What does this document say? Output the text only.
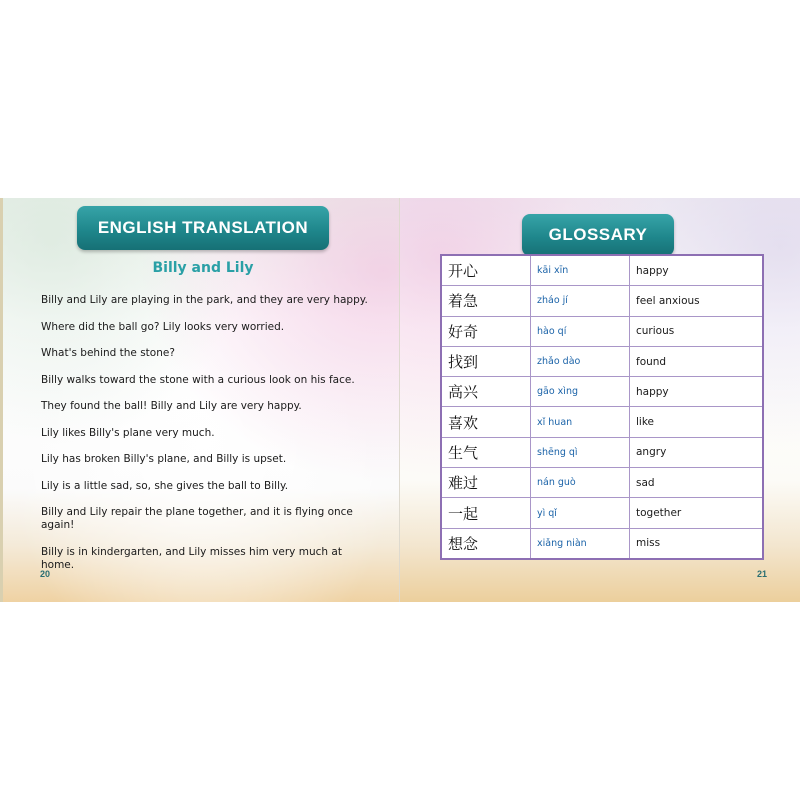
ENGLISH TRANSLATION
Billy and Lily

Billy and Lily are playing in the park, and they are very happy.

Where did the ball go? Lily looks very worried.

What's behind the stone?

Billy walks toward the stone with a curious look on his face.

They found the ball! Billy and Lily are very happy.

Lily likes Billy's plane very much.

Lily has broken Billy's plane, and Billy is upset.

Lily is a little sad, so, she gives the ball to Billy.

Billy and Lily repair the plane together, and it is flying once again!

Billy is in kindergarten, and Lily misses him very much at home.

20
GLOSSARY
开心	kāi xīn	happy
着急	zháo jí	feel anxious
好奇	hào qí	curious
找到	zhǎo dào	found
高兴	gāo xìng	happy
喜欢	xǐ huan	like
生气	shēng qì	angry
难过	nán guò	sad
一起	yì qǐ	together
想念	xiǎng niàn	miss
21
